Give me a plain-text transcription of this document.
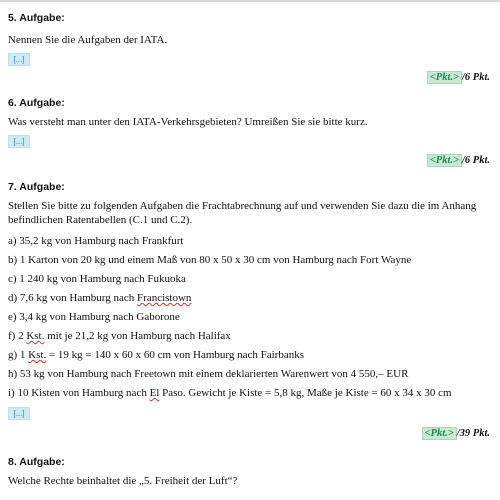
5. Aufgabe:
Nennen Sie die Aufgaben der IATA.
[...]
<Pkt.> /6 Pkt.
6. Aufgabe:
Was versteht man unter den IATA-Verkehrsgebieten? Umreißen Sie sie bitte kurz.
[...]
<Pkt.> /6 Pkt.
7. Aufgabe:
Stellen Sie bitte zu folgenden Aufgaben die Frachtabrechnung auf und verwenden Sie dazu die im Anhang befindlichen Ratentabellen (C.1 und C.2).
a) 35,2 kg von Hamburg nach Frankfurt
b) 1 Karton von 20 kg und einem Maß von 80 x 50 x 30 cm von Hamburg nach Fort Wayne
c) 1 240 kg von Hamburg nach Fukuoka
d) 7,6 kg von Hamburg nach Francistown
e) 3,4 kg von Hamburg nach Gaborone
f) 2 Kst. mit je 21,2 kg von Hamburg nach Halifax
g) 1 Kst. = 19 kg = 140 x 60 x 60 cm von Hamburg nach Fairbanks
h) 53 kg von Hamburg nach Freetown mit einem deklarierten Warenwert von 4 550,– EUR
i) 10 Kisten von Hamburg nach El Paso. Gewicht je Kiste = 5,8 kg, Maße je Kiste = 60 x 34 x 30 cm
[...]
<Pkt.> /39 Pkt.
8. Aufgabe:
Welche Rechte beinhaltet die „5. Freiheit der Luft“?
